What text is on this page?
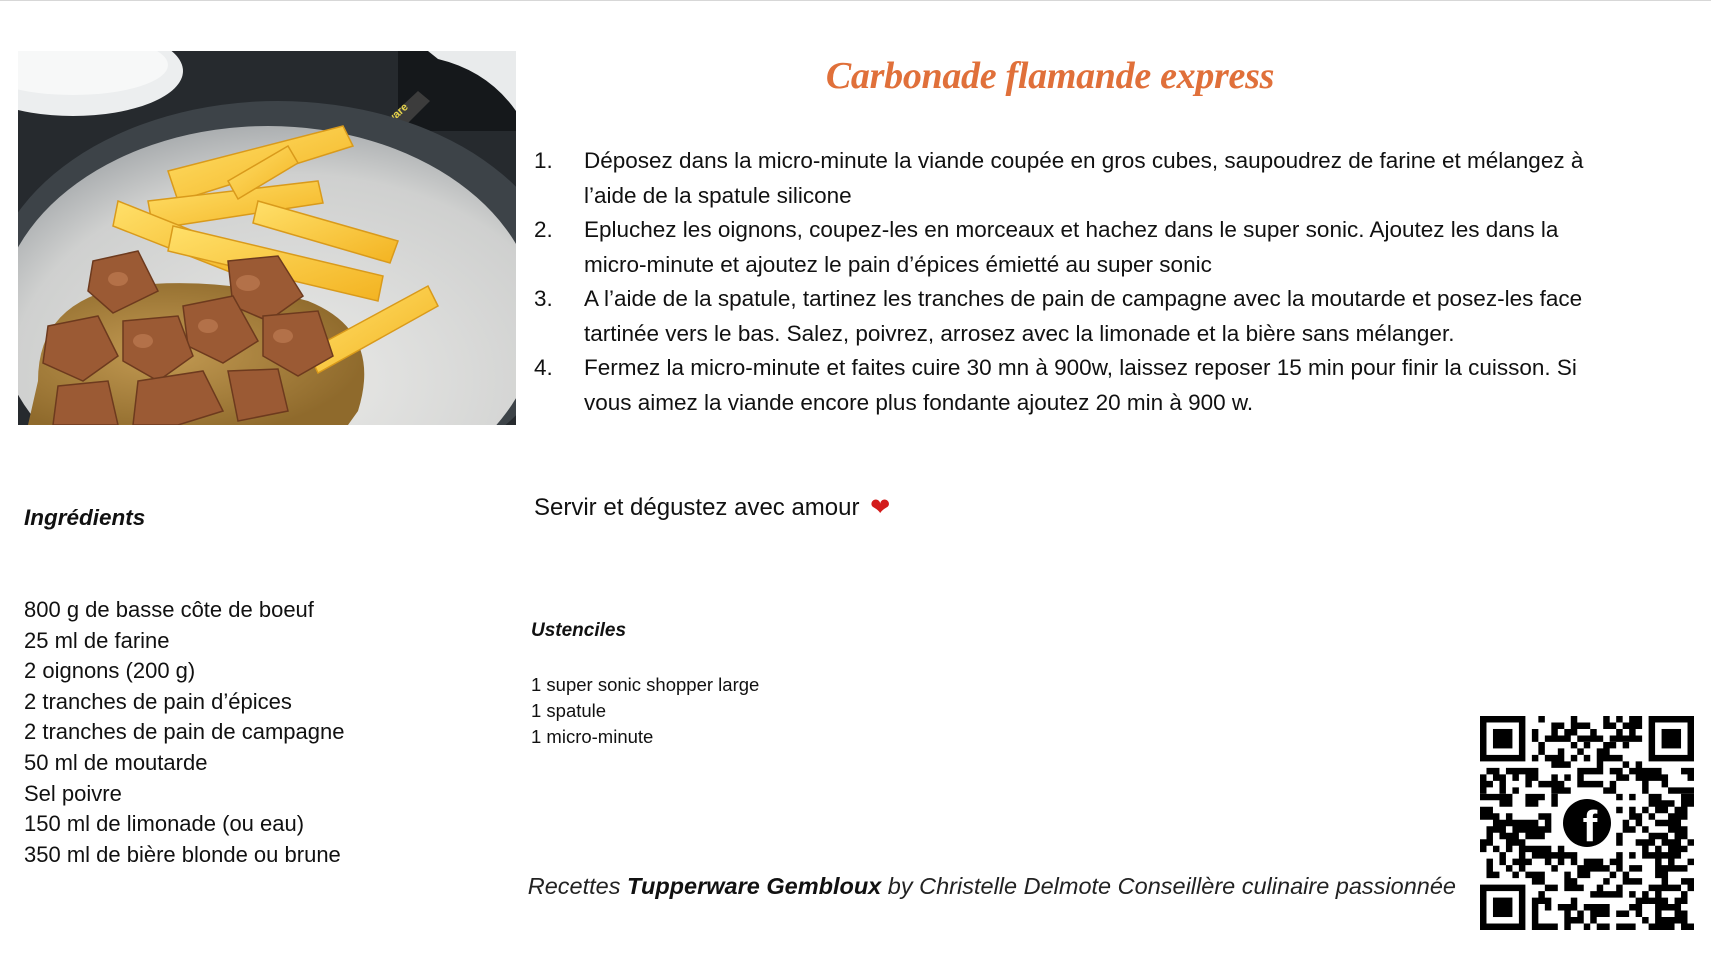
Carbonade flamande express
1.	Déposez dans la micro-minute la viande coupée en gros cubes, saupoudrez de farine et mélangez à l’aide de la spatule silicone
2.	Epluchez les oignons, coupez-les en morceaux et hachez dans le super sonic. Ajoutez les dans la micro-minute et ajoutez le pain d’épices émietté au super sonic
3.	A l’aide de la spatule, tartinez les tranches de pain de campagne avec la moutarde et posez-les face tartinée vers le bas. Salez, poivrez, arrosez avec la limonade et la bière sans mélanger.
4.	Fermez la micro-minute et faites cuire 30 mn à 900w, laissez reposer 15 min pour finir la cuisson. Si vous aimez la viande encore plus fondante ajoutez 20 min à 900 w.
Servir et dégustez avec amour ❤
Ingrédients
800 g de basse côte de boeuf
25 ml de farine
2 oignons (200 g)
2 tranches de pain d’épices
2 tranches de pain de campagne
50 ml de moutarde
Sel poivre
150 ml de limonade (ou eau)
350 ml de bière blonde ou brune
Ustenciles
1 super sonic shopper large
1 spatule
1 micro-minute
Recettes Tupperware Gembloux by Christelle Delmote Conseillère culinaire passionnée
f
